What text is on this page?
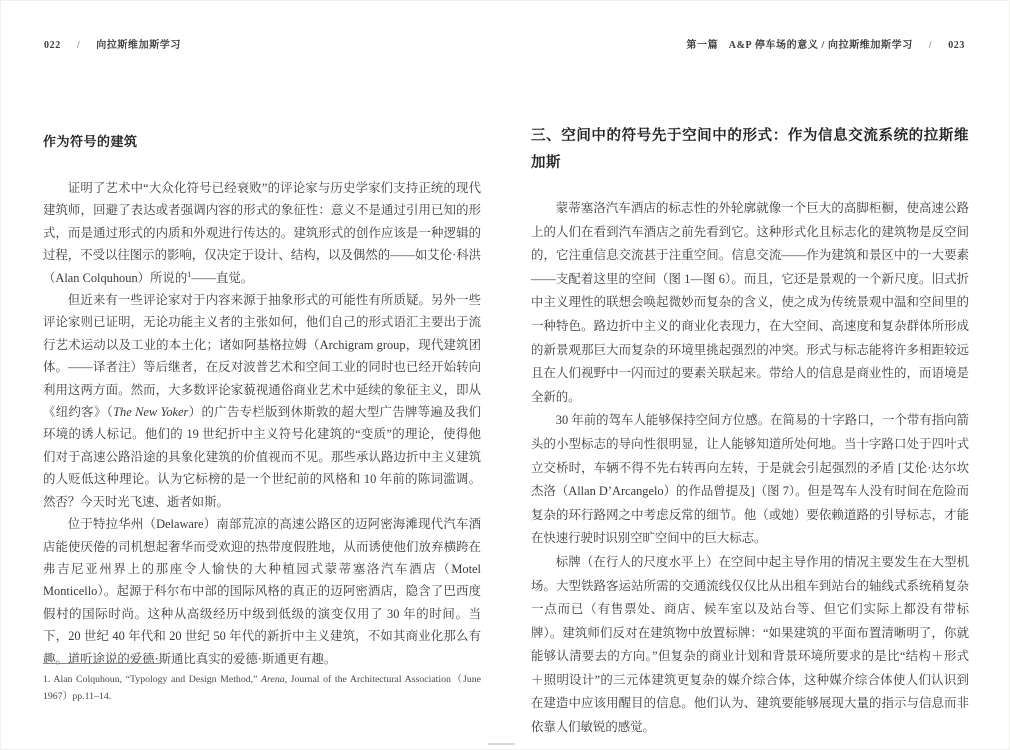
022 / 向拉斯维加斯学习	第一篇　A&P 停车场的意义 / 向拉斯维加斯学习 / 023
作为符号的建筑

证明了艺术中“大众化符号已经衰败”的评论家与历史学家们支持正统的现代建筑师，回避了表达或者强调内容的形式的象征性：意义不是通过引用已知的形式，而是通过形式的内质和外观进行传达的。建筑形式的创作应该是一种逻辑的过程，不受以往图示的影响，仅决定于设计、结构，以及偶然的——如艾伦·科洪（Alan Colquhoun）所说的$^1$——直觉。

但近来有一些评论家对于内容来源于抽象形式的可能性有所质疑。另外一些评论家则已证明，无论功能主义者的主张如何，他们自己的形式语汇主要出于流行艺术运动以及工业的本土化；诸如阿基格拉姆（Archigram group，现代建筑团体。——译者注）等后继者，在反对波普艺术和空间工业的同时也已经开始转向利用这两方面。然而，大多数评论家藐视通俗商业艺术中延续的象征主义，即从《纽约客》（The New Yoker）的广告专栏版到休斯敦的超大型广告牌等遍及我们环境的诱人标记。他们的 19 世纪折中主义符号化建筑的“变质”的理论，使得他们对于高速公路沿途的具象化建筑的价值视而不见。那些承认路边折中主义建筑的人贬低这种理论。认为它标榜的是一个世纪前的风格和 10 年前的陈词滥调。然否？今天时光飞速、逝者如斯。

位于特拉华州（Delaware）南部荒凉的高速公路区的迈阿密海滩现代汽车酒店能使厌倦的司机想起奢华而受欢迎的热带度假胜地，从而诱使他们放弃横跨在弗吉尼亚州界上的那座令人愉快的大种植园式蒙蒂塞洛汽车酒店（Motel Monticello）。起源于科尔布中部的国际风格的真正的迈阿密酒店，隐含了巴西度假村的国际时尚。这种从高级经历中级到低级的演变仅用了 30 年的时间。当下，20 世纪 40 年代和 20 世纪 50 年代的新折中主义建筑，不如其商业化那么有趣。道听途说的爱德·斯通比真实的爱德·斯通更有趣。

1. Alan Colquhoun, “Typology and Design Method,” Arena, Journal of the Architectural Association（June 1967）pp.11–14.

三、空间中的符号先于空间中的形式：作为信息交流系统的拉斯维加斯

蒙蒂塞洛汽车酒店的标志性的外轮廓就像一个巨大的高脚柜橱，使高速公路上的人们在看到汽车酒店之前先看到它。这种形式化且标志化的建筑物是反空间的，它注重信息交流甚于注重空间。信息交流——作为建筑和景区中的一大要素——支配着这里的空间（图 1—图 6）。而且，它还是景观的一个新尺度。旧式折中主义理性的联想会唤起微妙而复杂的含义，使之成为传统景观中温和空间里的一种特色。路边折中主义的商业化表现力，在大空间、高速度和复杂群体所形成的新景观那巨大而复杂的环境里挑起强烈的冲突。形式与标志能将许多相距较远且在人们视野中一闪而过的要素关联起来。带给人的信息是商业性的，而语境是全新的。

30 年前的驾车人能够保持空间方位感。在简易的十字路口，一个带有指向箭头的小型标志的导向性很明显，让人能够知道所处何地。当十字路口处于四叶式立交桥时，车辆不得不先右转再向左转，于是就会引起强烈的矛盾 [艾伦·达尔坎杰洛（Allan D’Arcangelo）的作品曾提及]（图 7）。但是驾车人没有时间在危险而复杂的环行路网之中考虑反常的细节。他（或她）要依赖道路的引导标志，才能在快速行驶时识别空旷空间中的巨大标志。

标牌（在行人的尺度水平上）在空间中起主导作用的情况主要发生在大型机场。大型铁路客运站所需的交通流线仅仅比从出租车到站台的轴线式系统稍复杂一点而已（有售票处、商店、候车室以及站台等、但它们实际上都没有带标牌）。建筑师们反对在建筑物中放置标牌：“如果建筑的平面布置清晰明了，你就能够认清要去的方向。”但复杂的商业计划和背景环境所要求的是比“结构＋形式＋照明设计”的三元体建筑更复杂的媒介综合体，这种媒介综合体使人们认识到在建造中应该用醒目的信息。他们认为、建筑要能够展现大量的指示与信息而非依靠人们敏锐的感觉。
